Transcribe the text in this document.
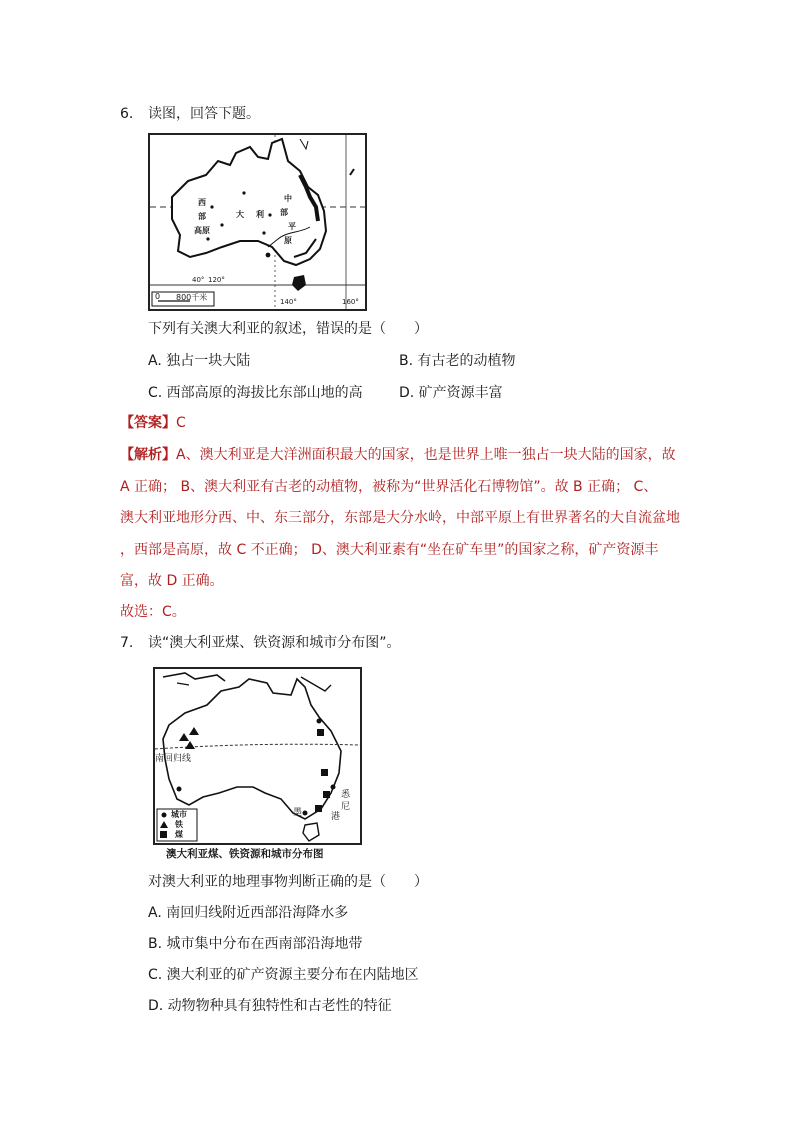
6. 读图，回答下题。
西
部
高 原
大 利
中
部
平
原
0 800千米
40° 120°
140°	160°
下列有关澳大利亚的叙述，错误的是（　　）
A. 独占一块大陆	B. 有古老的动植物
C. 西部高原的海拔比东部山地的高	D. 矿产资源丰富
【答案】C
【解析】A、澳大利亚是大洋洲面积最大的国家，也是世界上唯一独占一块大陆的国家，故
A 正确； B、澳大利亚有古老的动植物，被称为“世界活化石博物馆”。故 B 正确； C、
澳大利亚地形分西、中、东三部分，东部是大分水岭，中部平原上有世界著名的大自流盆地
，西部是高原，故 C 不正确； D、澳大利亚素有“坐在矿车里”的国家之称，矿产资源丰
富，故 D 正确。
故选：C。
7. 读“澳大利亚煤、铁资源和城市分布图”。
南回归线
城市
铁
煤
悉
尼
墨	港
澳大利亚煤、铁资源和城市分布图
对澳大利亚的地理事物判断正确的是（　　）
A. 南回归线附近西部沿海降水多
B. 城市集中分布在西南部沿海地带
C. 澳大利亚的矿产资源主要分布在内陆地区
D. 动物物种具有独特性和古老性的特征
